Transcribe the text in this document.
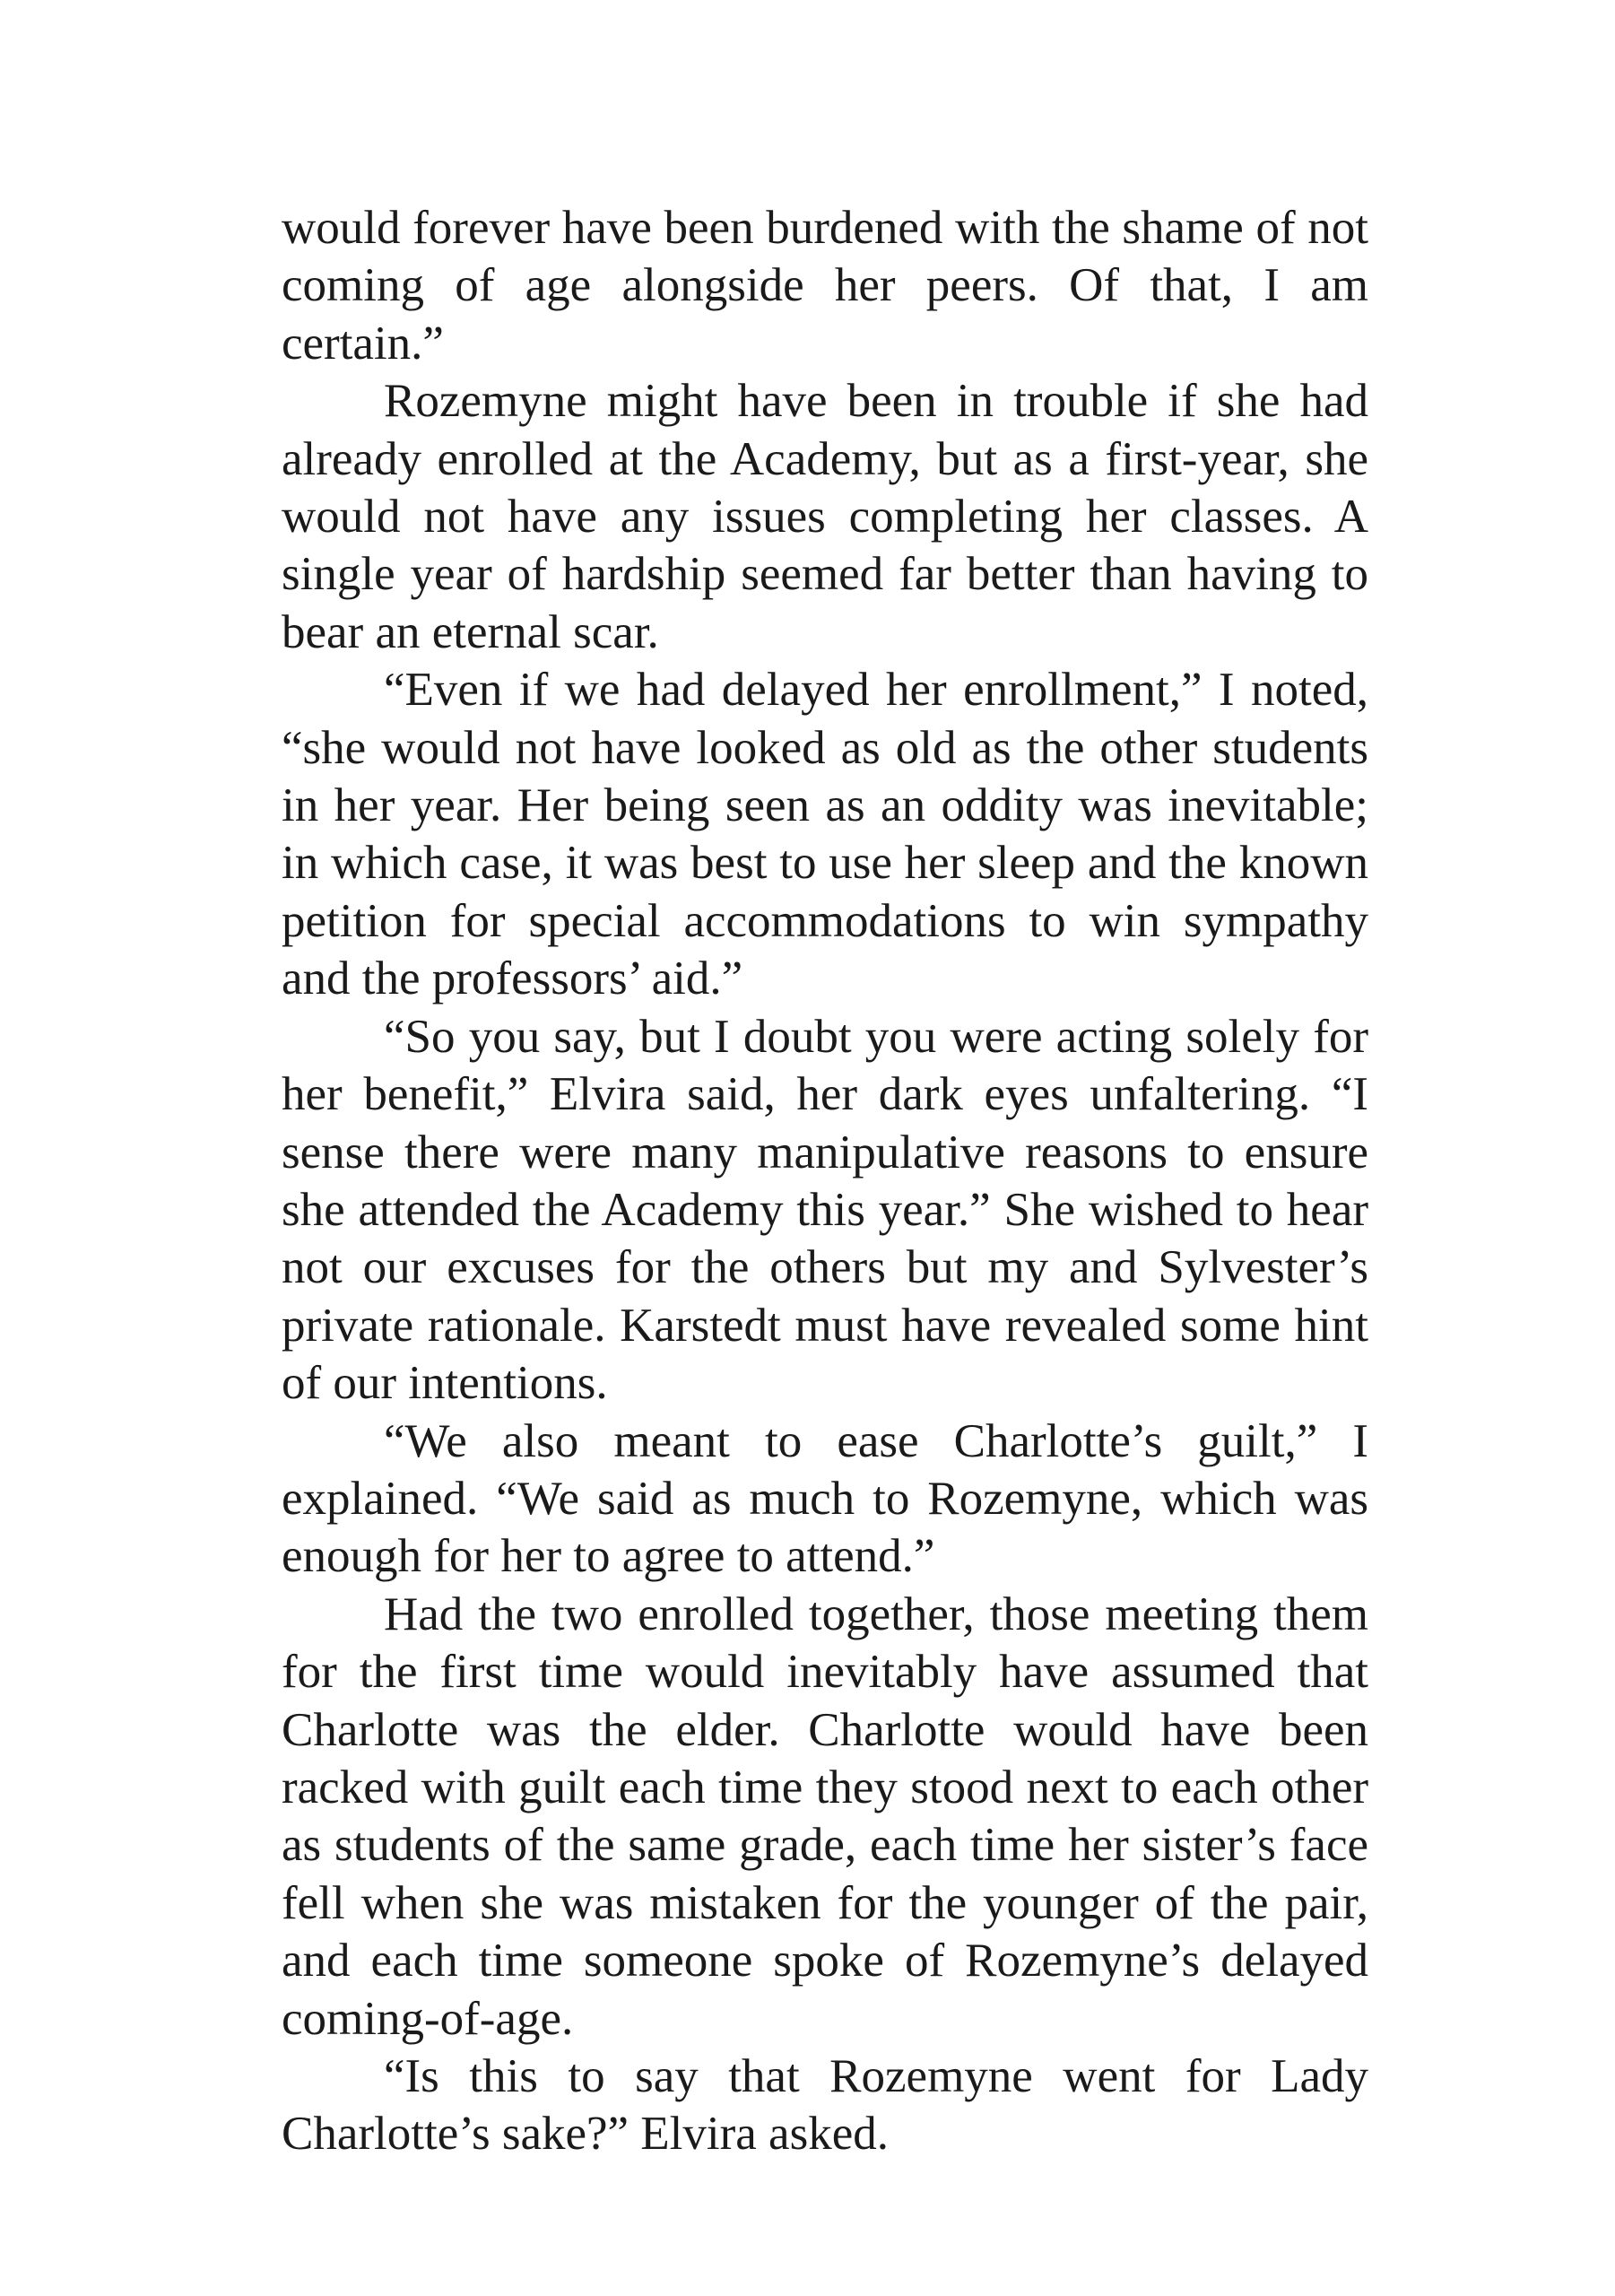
would forever have been burdened with the shame of not coming of age alongside her peers. Of that, I am certain.”

Rozemyne might have been in trouble if she had already enrolled at the Academy, but as a first-year, she would not have any issues completing her classes. A single year of hardship seemed far better than having to bear an eternal scar.

“Even if we had delayed her enrollment,” I noted, “she would not have looked as old as the other students in her year. Her being seen as an oddity was inevitable; in which case, it was best to use her sleep and the known petition for special accommodations to win sympathy and the professors’ aid.”

“So you say, but I doubt you were acting solely for her benefit,” Elvira said, her dark eyes unfaltering. “I sense there were many manipulative reasons to ensure she attended the Academy this year.” She wished to hear not our excuses for the others but my and Sylvester’s private rationale. Karstedt must have revealed some hint of our intentions.

“We also meant to ease Charlotte’s guilt,” I explained. “We said as much to Rozemyne, which was enough for her to agree to attend.”

Had the two enrolled together, those meeting them for the first time would inevitably have assumed that Charlotte was the elder. Charlotte would have been racked with guilt each time they stood next to each other as students of the same grade, each time her sister’s face fell when she was mistaken for the younger of the pair, and each time someone spoke of Rozemyne’s delayed coming-of-age.

“Is this to say that Rozemyne went for Lady Charlotte’s sake?” Elvira asked.
